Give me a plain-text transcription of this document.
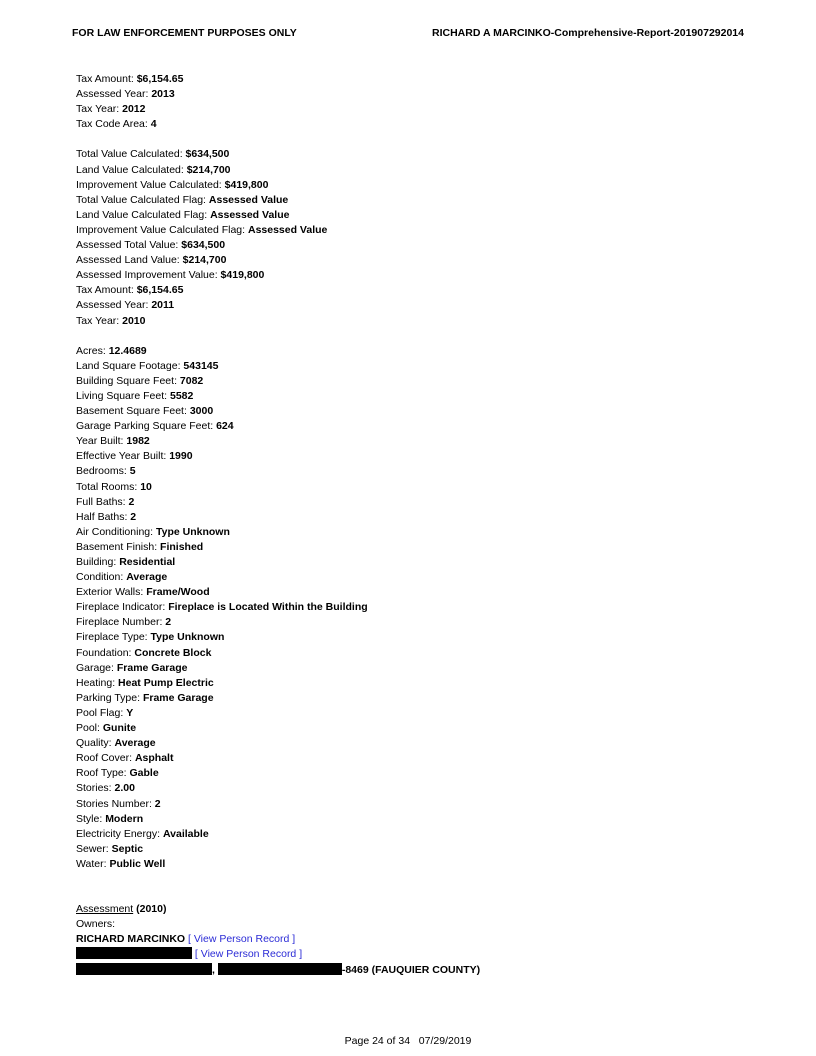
FOR LAW ENFORCEMENT PURPOSES ONLY	RICHARD A MARCINKO-Comprehensive-Report-201907292014
Tax Amount: $6,154.65
Assessed Year: 2013
Tax Year: 2012
Tax Code Area: 4
Total Value Calculated: $634,500
Land Value Calculated: $214,700
Improvement Value Calculated: $419,800
Total Value Calculated Flag: Assessed Value
Land Value Calculated Flag: Assessed Value
Improvement Value Calculated Flag: Assessed Value
Assessed Total Value: $634,500
Assessed Land Value: $214,700
Assessed Improvement Value: $419,800
Tax Amount: $6,154.65
Assessed Year: 2011
Tax Year: 2010
Acres: 12.4689
Land Square Footage: 543145
Building Square Feet: 7082
Living Square Feet: 5582
Basement Square Feet: 3000
Garage Parking Square Feet: 624
Year Built: 1982
Effective Year Built: 1990
Bedrooms: 5
Total Rooms: 10
Full Baths: 2
Half Baths: 2
Air Conditioning: Type Unknown
Basement Finish: Finished
Building: Residential
Condition: Average
Exterior Walls: Frame/Wood
Fireplace Indicator: Fireplace is Located Within the Building
Fireplace Number: 2
Fireplace Type: Type Unknown
Foundation: Concrete Block
Garage: Frame Garage
Heating: Heat Pump Electric
Parking Type: Frame Garage
Pool Flag: Y
Pool: Gunite
Quality: Average
Roof Cover: Asphalt
Roof Type: Gable
Stories: 2.00
Stories Number: 2
Style: Modern
Electricity Energy: Available
Sewer: Septic
Water: Public Well
Assessment (2010)
Owners:
RICHARD MARCINKO [ View Person Record ]
[ View Person Record ]
,	-8469 (FAUQUIER COUNTY)
Page 24 of 34 07/29/2019
